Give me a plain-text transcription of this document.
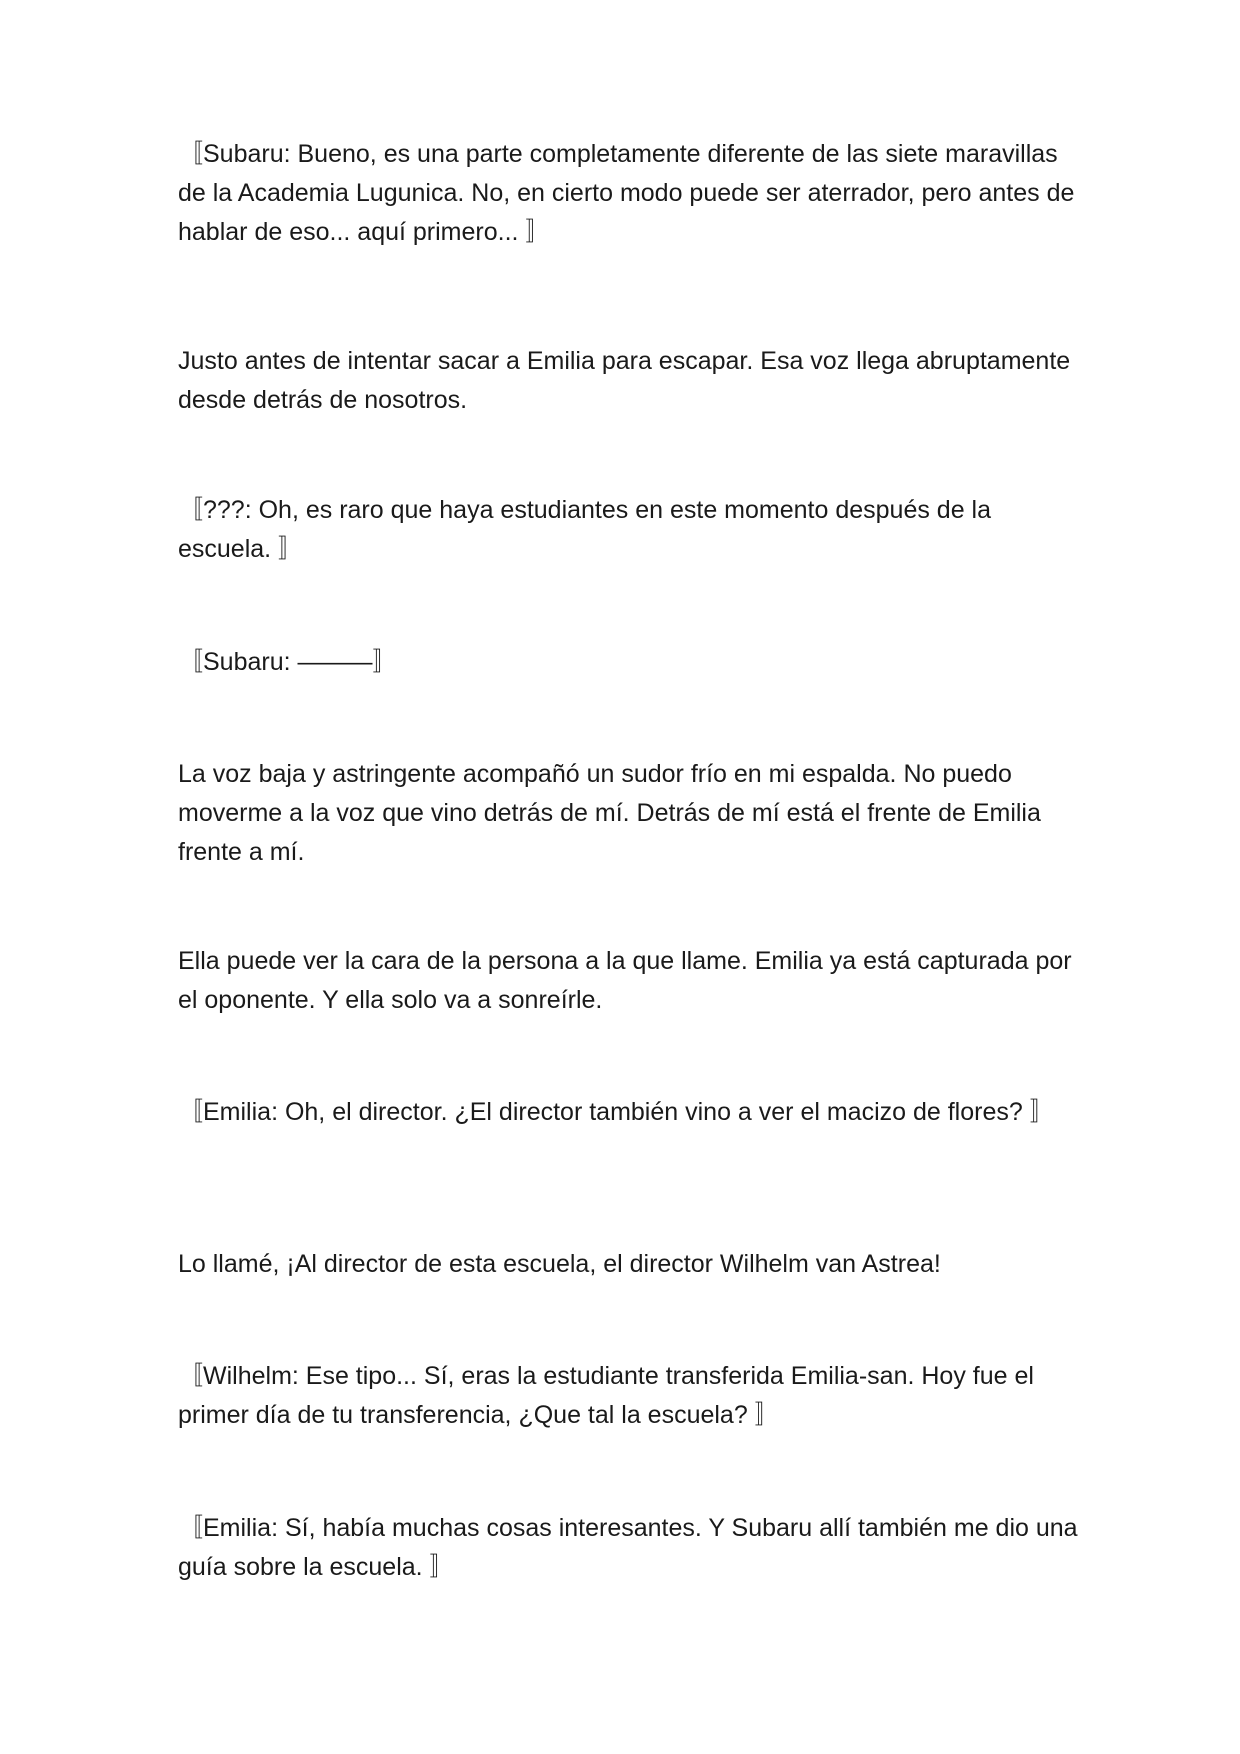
〚Subaru: Bueno, es una parte completamente diferente de las siete maravillas de la Academia Lugunica. No, en cierto modo puede ser aterrador, pero antes de hablar de eso... aquí primero... 〛

Justo antes de intentar sacar a Emilia para escapar. Esa voz llega abruptamente desde detrás de nosotros.

〚???: Oh, es raro que haya estudiantes en este momento después de la escuela. 〛

〚Subaru: ———〛

La voz baja y astringente acompañó un sudor frío en mi espalda. No puedo moverme a la voz que vino detrás de mí. Detrás de mí está el frente de Emilia frente a mí.

Ella puede ver la cara de la persona a la que llame. Emilia ya está capturada por el oponente. Y ella solo va a sonreírle.

〚Emilia: Oh, el director. ¿El director también vino a ver el macizo de flores? 〛

Lo llamé, ¡Al director de esta escuela, el director Wilhelm van Astrea!

〚Wilhelm: Ese tipo... Sí, eras la estudiante transferida Emilia-san. Hoy fue el primer día de tu transferencia, ¿Que tal la escuela? 〛

〚Emilia: Sí, había muchas cosas interesantes. Y Subaru allí también me dio una guía sobre la escuela. 〛
